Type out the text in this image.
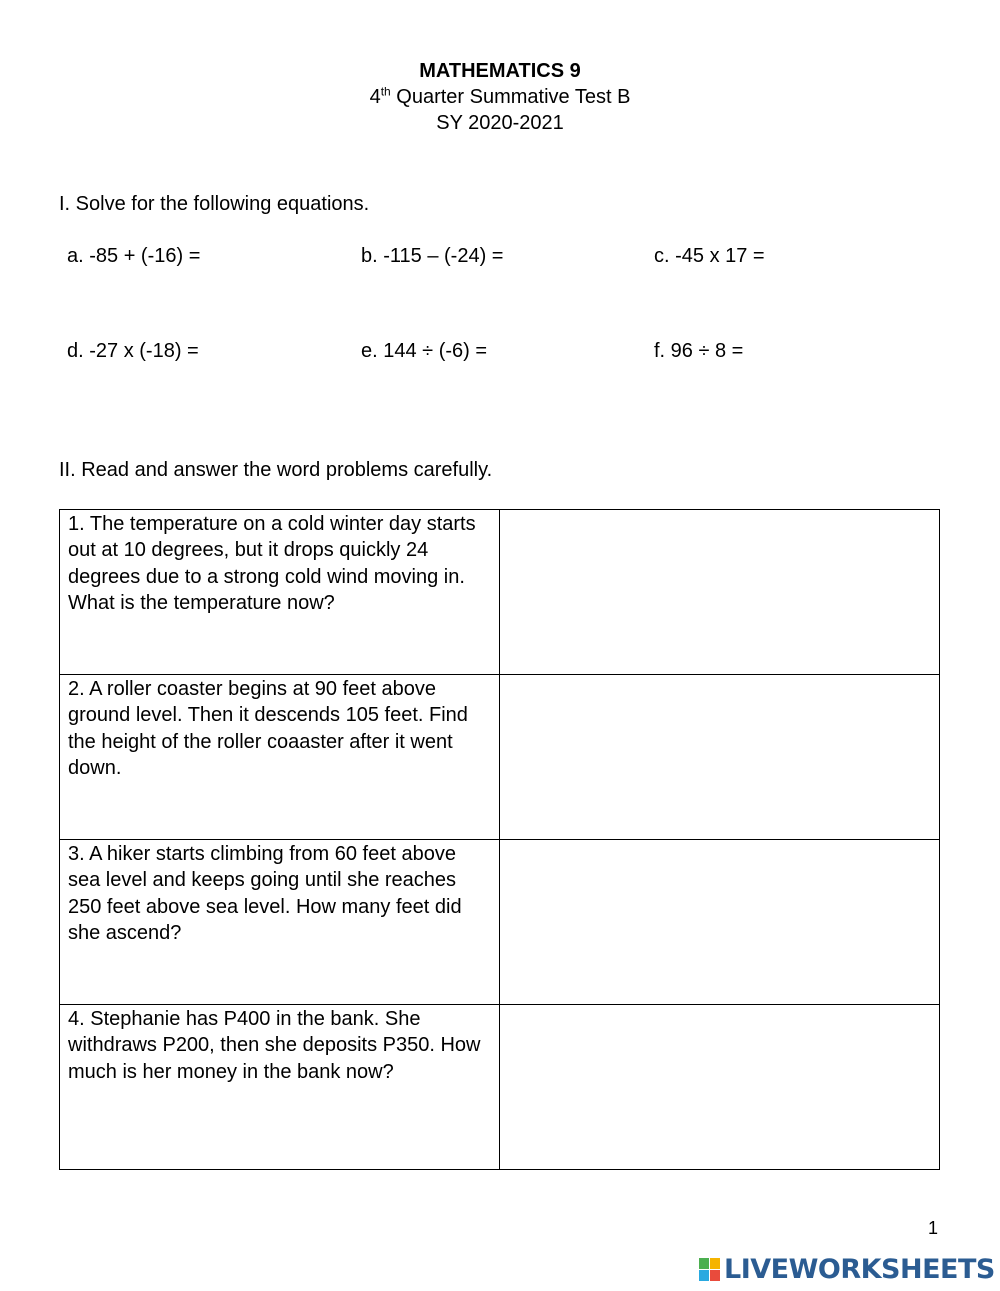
MATHEMATICS 9
4th Quarter Summative Test B
SY 2020-2021
I. Solve for the following equations.
a. -85 + (-16) =	b. -115 – (-24) =	c. -45 x 17 =
d. -27 x (-18) =	e. 144 ÷ (-6) =	f. 96 ÷ 8 =
II. Read and answer the word problems carefully.
1. The temperature on a cold winter day starts out at 10 degrees, but it drops quickly 24 degrees due to a strong cold wind moving in. What is the temperature now?	

2. A roller coaster begins at 90 feet above ground level. Then it descends 105 feet. Find the height of the roller coaaster after it went down.	

3. A hiker starts climbing from 60 feet above sea level and keeps going until she reaches 250 feet above sea level. How many feet did she ascend?	

4. Stephanie has P400 in the bank. She withdraws P200, then she deposits P350. How much is her money in the bank now?	

1
LIVEWORKSHEETS
